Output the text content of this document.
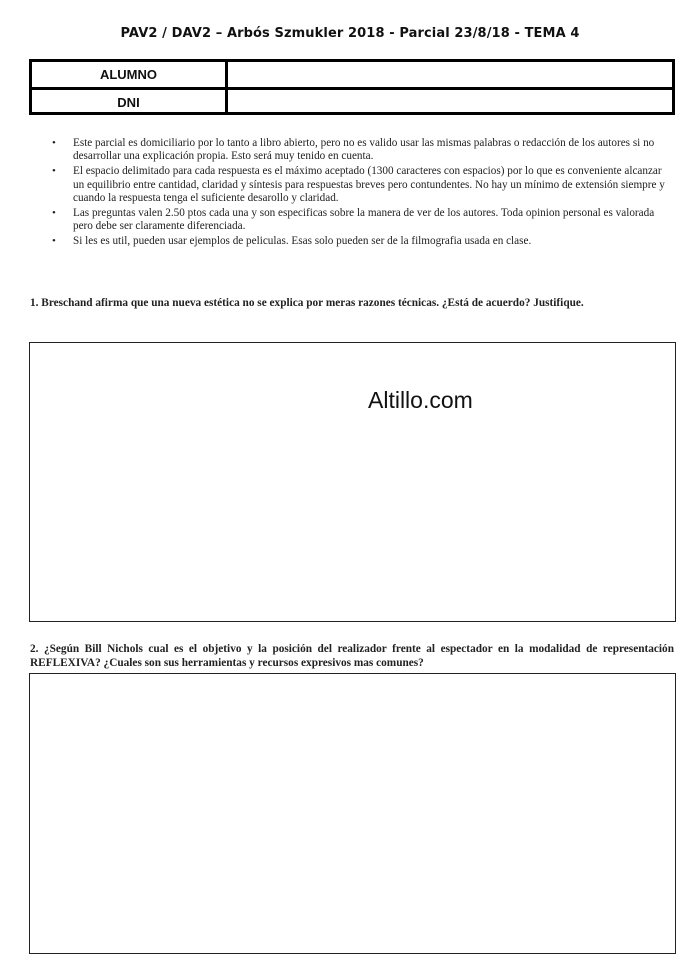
PAV2 / DAV2 – Arbós Szmukler 2018 - Parcial 23/8/18 - TEMA 4
ALUMNO
DNI
• Este parcial es domiciliario por lo tanto a libro abierto, pero no es valido usar las mismas palabras o redacción de los autores si no desarrollar una explicación propia. Esto será muy tenido en cuenta.
• El espacio delimitado para cada respuesta es el máximo aceptado (1300 caracteres con espacios) por lo que es conveniente alcanzar un equilibrio entre cantidad, claridad y síntesis para respuestas breves pero contundentes. No hay un mínimo de extensión siempre y cuando la respuesta tenga el suficiente desarollo y claridad.
• Las preguntas valen 2.50 ptos cada una y son especificas sobre la manera de ver de los autores. Toda opinion personal es valorada pero debe ser claramente diferenciada.
• Si les es util, pueden usar ejemplos de peliculas. Esas solo pueden ser de la filmografia usada en clase.
1. Breschand afirma que una nueva estética no se explica por meras razones técnicas. ¿Está de acuerdo? Justifique.
Altillo.com
2. ¿Según Bill Nichols cual es el objetivo y la posición del realizador frente al espectador en la modalidad de representación REFLEXIVA? ¿Cuales son sus herramientas y recursos expresivos mas comunes?
